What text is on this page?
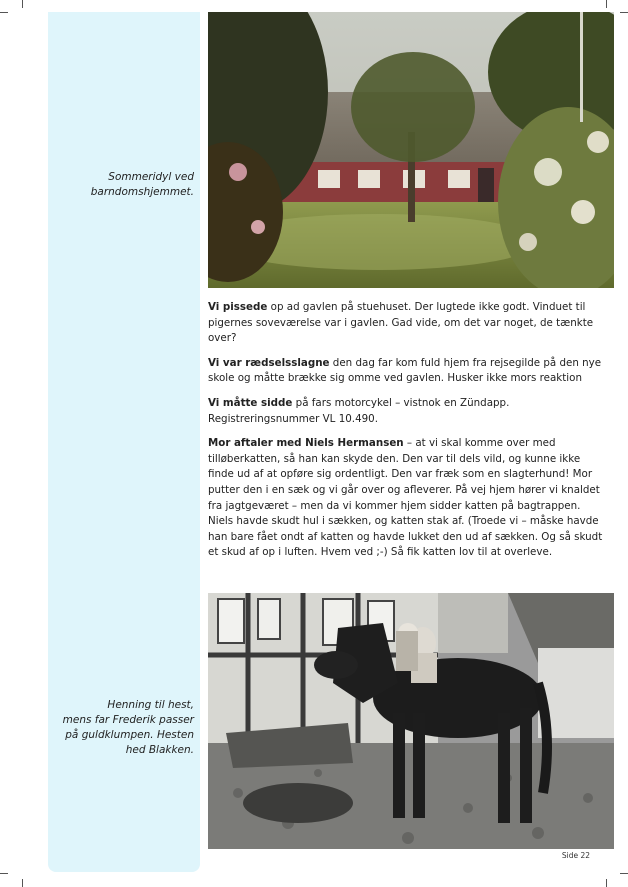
Sommeridyl ved
barndomshjemmet.
Henning til hest,
mens far Frederik passer
på guldklumpen. Hesten
hed Blakken.

Vi pissede op ad gavlen på stuehuset. Der lugtede ikke godt. Vinduet til pigernes soveværelse var i gavlen. Gad vide, om det var noget, de tænkte over?

Vi var rædselsslagne den dag far kom fuld hjem fra rejsegilde på den nye skole og måtte brække sig omme ved gavlen. Husker ikke mors reaktion

Vi måtte sidde på fars motorcykel – vistnok en Zündapp. Registreringsnummer VL 10.490.

Mor aftaler med Niels Hermansen – at vi skal komme over med tilløberkatten, så han kan skyde den. Den var til dels vild, og kunne ikke finde ud af at opføre sig ordentligt. Den var fræk som en slagterhund! Mor putter den i en sæk og vi går over og afleverer. På vej hjem hører vi knaldet fra jagtgeværet – men da vi kommer hjem sidder katten på bagtrappen. Niels havde skudt hul i sækken, og katten stak af. (Troede vi – måske havde han bare fået ondt af katten og havde lukket den ud af sækken. Og så skudt et skud af op i luften. Hvem ved ;-) Så fik katten lov til at overleve.

Side 22
